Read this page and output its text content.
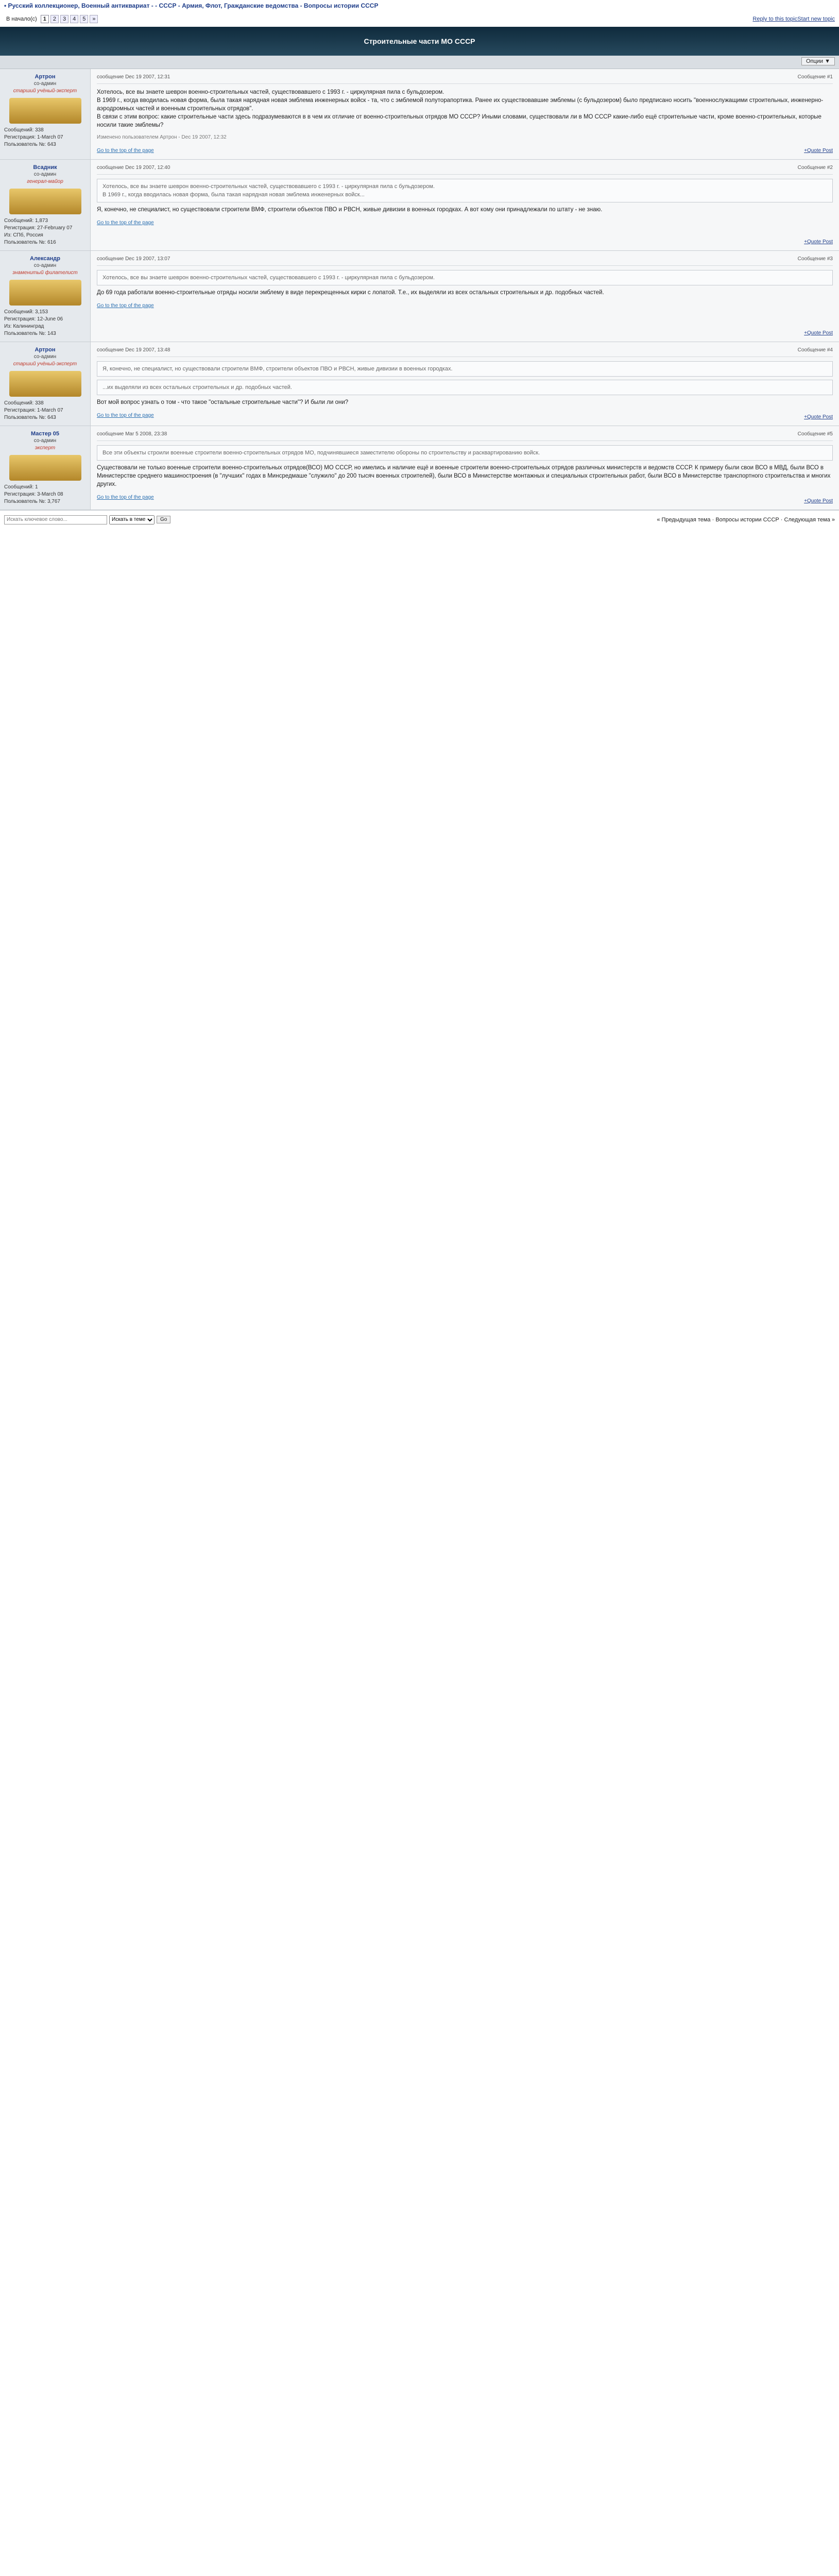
• Русский коллекционер, Военный антиквариат - - СССР - Армия, Флот, Гражданские ведомства - Вопросы истории СССР
В начало(c)	1	2	3	4	5	»	Reply to this topicStart new topic
Строительные части МО СССР
Опции ▼
Артрон
со-админ
старший учёный-эксперт
Сообщений: 338
Регистрация: 1-March 07
Пользователь №: 643
сообщение Dec 19 2007, 12:31	Сообщение #1
Хотелось, все вы знаете шеврон военно-строительных частей, существовавшего с 1993 г. - циркулярная пила с бульдозером.
В 1969 г., когда вводилась новая форма, была такая нарядная новая эмблема инженерных войск - та, что с эмблемой полуторапортика. Ранее их существовавшие эмблемы (с бульдозером) было предписано носить "военнослужащими строительных, инженерно-аэродромных частей и военным строительных отрядов".
В связи с этим вопрос: какие строительные части здесь подразумеваются в в чем их отличие от военно-строительных отрядов МО СССР? Иными словами, существовали ли в МО СССР какие-либо ещё строительные части, кроме военно-строительных, которые носили такие эмблемы?
Изменено пользователем Артрон - Dec 19 2007, 12:32
Go to the top of the page	+Quote Post
Всадник
со-админ
генерал-майор
Сообщений: 1,873
Регистрация: 27-February 07
Из: СПб, Россия
Пользователь №: 616
сообщение Dec 19 2007, 12:40	Сообщение #2
Хотелось, все вы знаете шеврон военно-строительных частей, существовавшего с 1993 г. - циркулярная пила с бульдозером.
В 1969 г., когда вводилась новая форма, была такая нарядная новая эмблема инженерных войск...
Я, конечно, не специалист, но существовали строители ВМФ, строители объектов ПВО и РВСН, живые дивизии в военных городках. А вот кому они принадлежали по штату - не знаю.
Go to the top of the page
+Quote Post
Александр
со-админ
знаменитый филателист
Сообщений: 3,153
Регистрация: 12-June 06
Из: Калининград
Пользователь №: 143
сообщение Dec 19 2007, 13:07	Сообщение #3
Хотелось, все вы знаете шеврон военно-строительных частей, существовавшего с 1993 г. - циркулярная пила с бульдозером.
До 69 года работали военно-строительные отряды носили эмблему в виде перекрещенных кирки с лопатой. Т.е., их выделяли из всех остальных строительных и др. подобных частей.
Go to the top of the page
+Quote Post
Артрон
со-админ
старший учёный-эксперт
Сообщений: 338
Регистрация: 1-March 07
Пользователь №: 643
сообщение Dec 19 2007, 13:48	Сообщение #4
Я, конечно, не специалист, но существовали строители ВМФ, строители объектов ПВО и РВСН, живые дивизии в военных городках.
...их выделяли из всех остальных строительных и др. подобных частей.
Вот мой вопрос узнать о том - что такое "остальные строительные части"? И были ли они?
Go to the top of the page	+Quote Post
Мастер 05
со-админ
эксперт
Сообщений: 1
Регистрация: 3-March 08
Пользователь №: 3,767
сообщение Mar 5 2008, 23:38	Сообщение #5
Все эти объекты строили военные строители военно-строительных отрядов МО, подчинявшиеся заместителю обороны по строительству и расквартированию войск.
Существовали не только военные строители военно-строительных отрядов(ВСО) МО СССР, но имелись и наличие ещё и военные строители военно-строительных отрядов различных министерств и ведомств СССР. К примеру были свои ВСО в МВД, были ВСО в Министерстве среднего машиностроения (в "лучших" годах в Минсредмаше "служило" до 200 тысяч военных строителей), были ВСО в Министерстве монтажных и специальных строительных работ, были ВСО в Министерстве транспортного строительства и многих других.
Go to the top of the page
+Quote Post
Искать ключевое слово...
Искать в теме
Go	« Предыдущая тема · Вопросы истории СССР · Следующая тема »
